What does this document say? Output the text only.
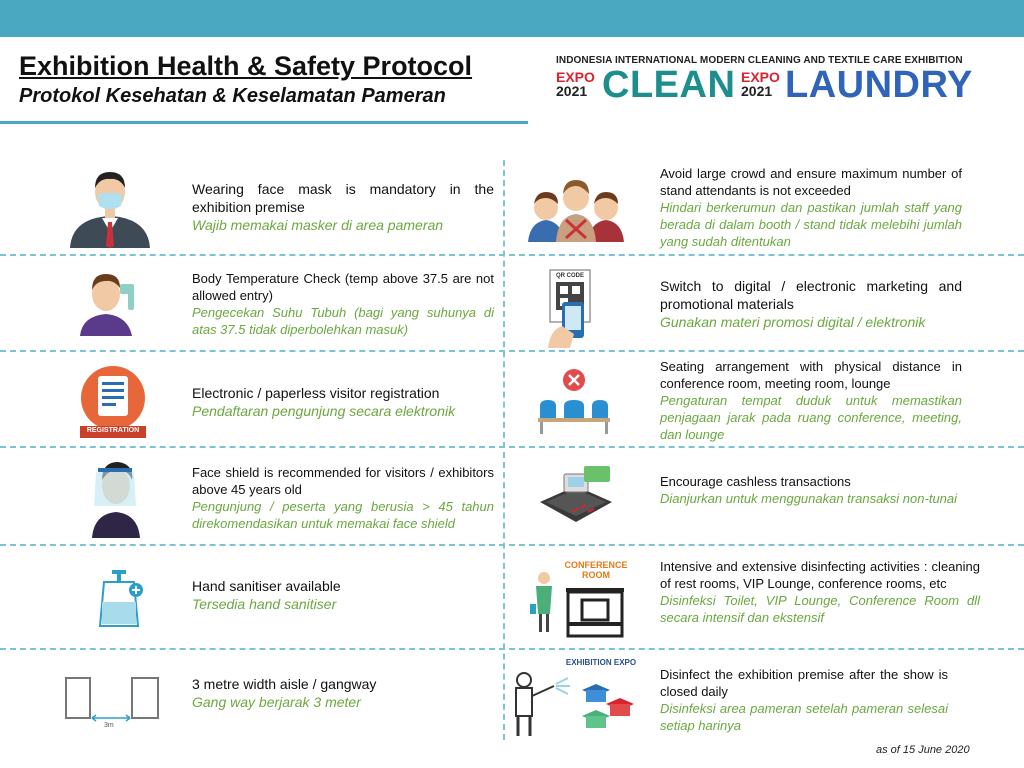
Exhibition Health & Safety Protocol
Protokol Kesehatan & Keselamatan Pameran
INDONESIA INTERNATIONAL MODERN CLEANING AND TEXTILE CARE EXHIBITION
EXPO
2021 CLEAN EXPO
2021 LAUNDRY
REGISTRATION
3m
Wearing face mask is mandatory in the exhibition premise
Wajib memakai masker di area pameran
Body Temperature Check (temp above 37.5 are not allowed entry)
Pengecekan Suhu Tubuh (bagi yang suhunya di atas 37.5 tidak diperbolehkan masuk)
Electronic / paperless visitor registration
Pendaftaran pengunjung secara elektronik
Face shield is recommended for visitors / exhibitors above 45 years old
Pengunjung / peserta yang berusia > 45 tahun direkomendasikan untuk memakai face shield
Hand sanitiser available
Tersedia hand sanitiser
3 metre width aisle / gangway
Gang way berjarak 3 meter
QR CODE
CONFERENCE ROOM
EXHIBITION EXPO
Avoid large crowd and ensure maximum number of stand attendants is not exceeded
Hindari berkerumun dan pastikan jumlah staff yang berada di dalam booth / stand tidak melebihi jumlah yang sudah ditentukan
Switch to digital / electronic marketing and promotional materials
Gunakan materi promosi digital / elektronik
Seating arrangement with physical distance in conference room, meeting room, lounge
Pengaturan tempat duduk untuk memastikan penjagaan jarak pada ruang conference, meeting, dan lounge
Encourage cashless transactions
Dianjurkan untuk menggunakan transaksi non-tunai
Intensive and extensive disinfecting activities : cleaning of rest rooms, VIP Lounge, conference rooms, etc
Disinfeksi Toilet, VIP Lounge, Conference Room dll secara intensif dan ekstensif
Disinfect the exhibition premise after the show is closed daily
Disinfeksi area pameran setelah pameran selesai setiap harinya
as of 15 June 2020
